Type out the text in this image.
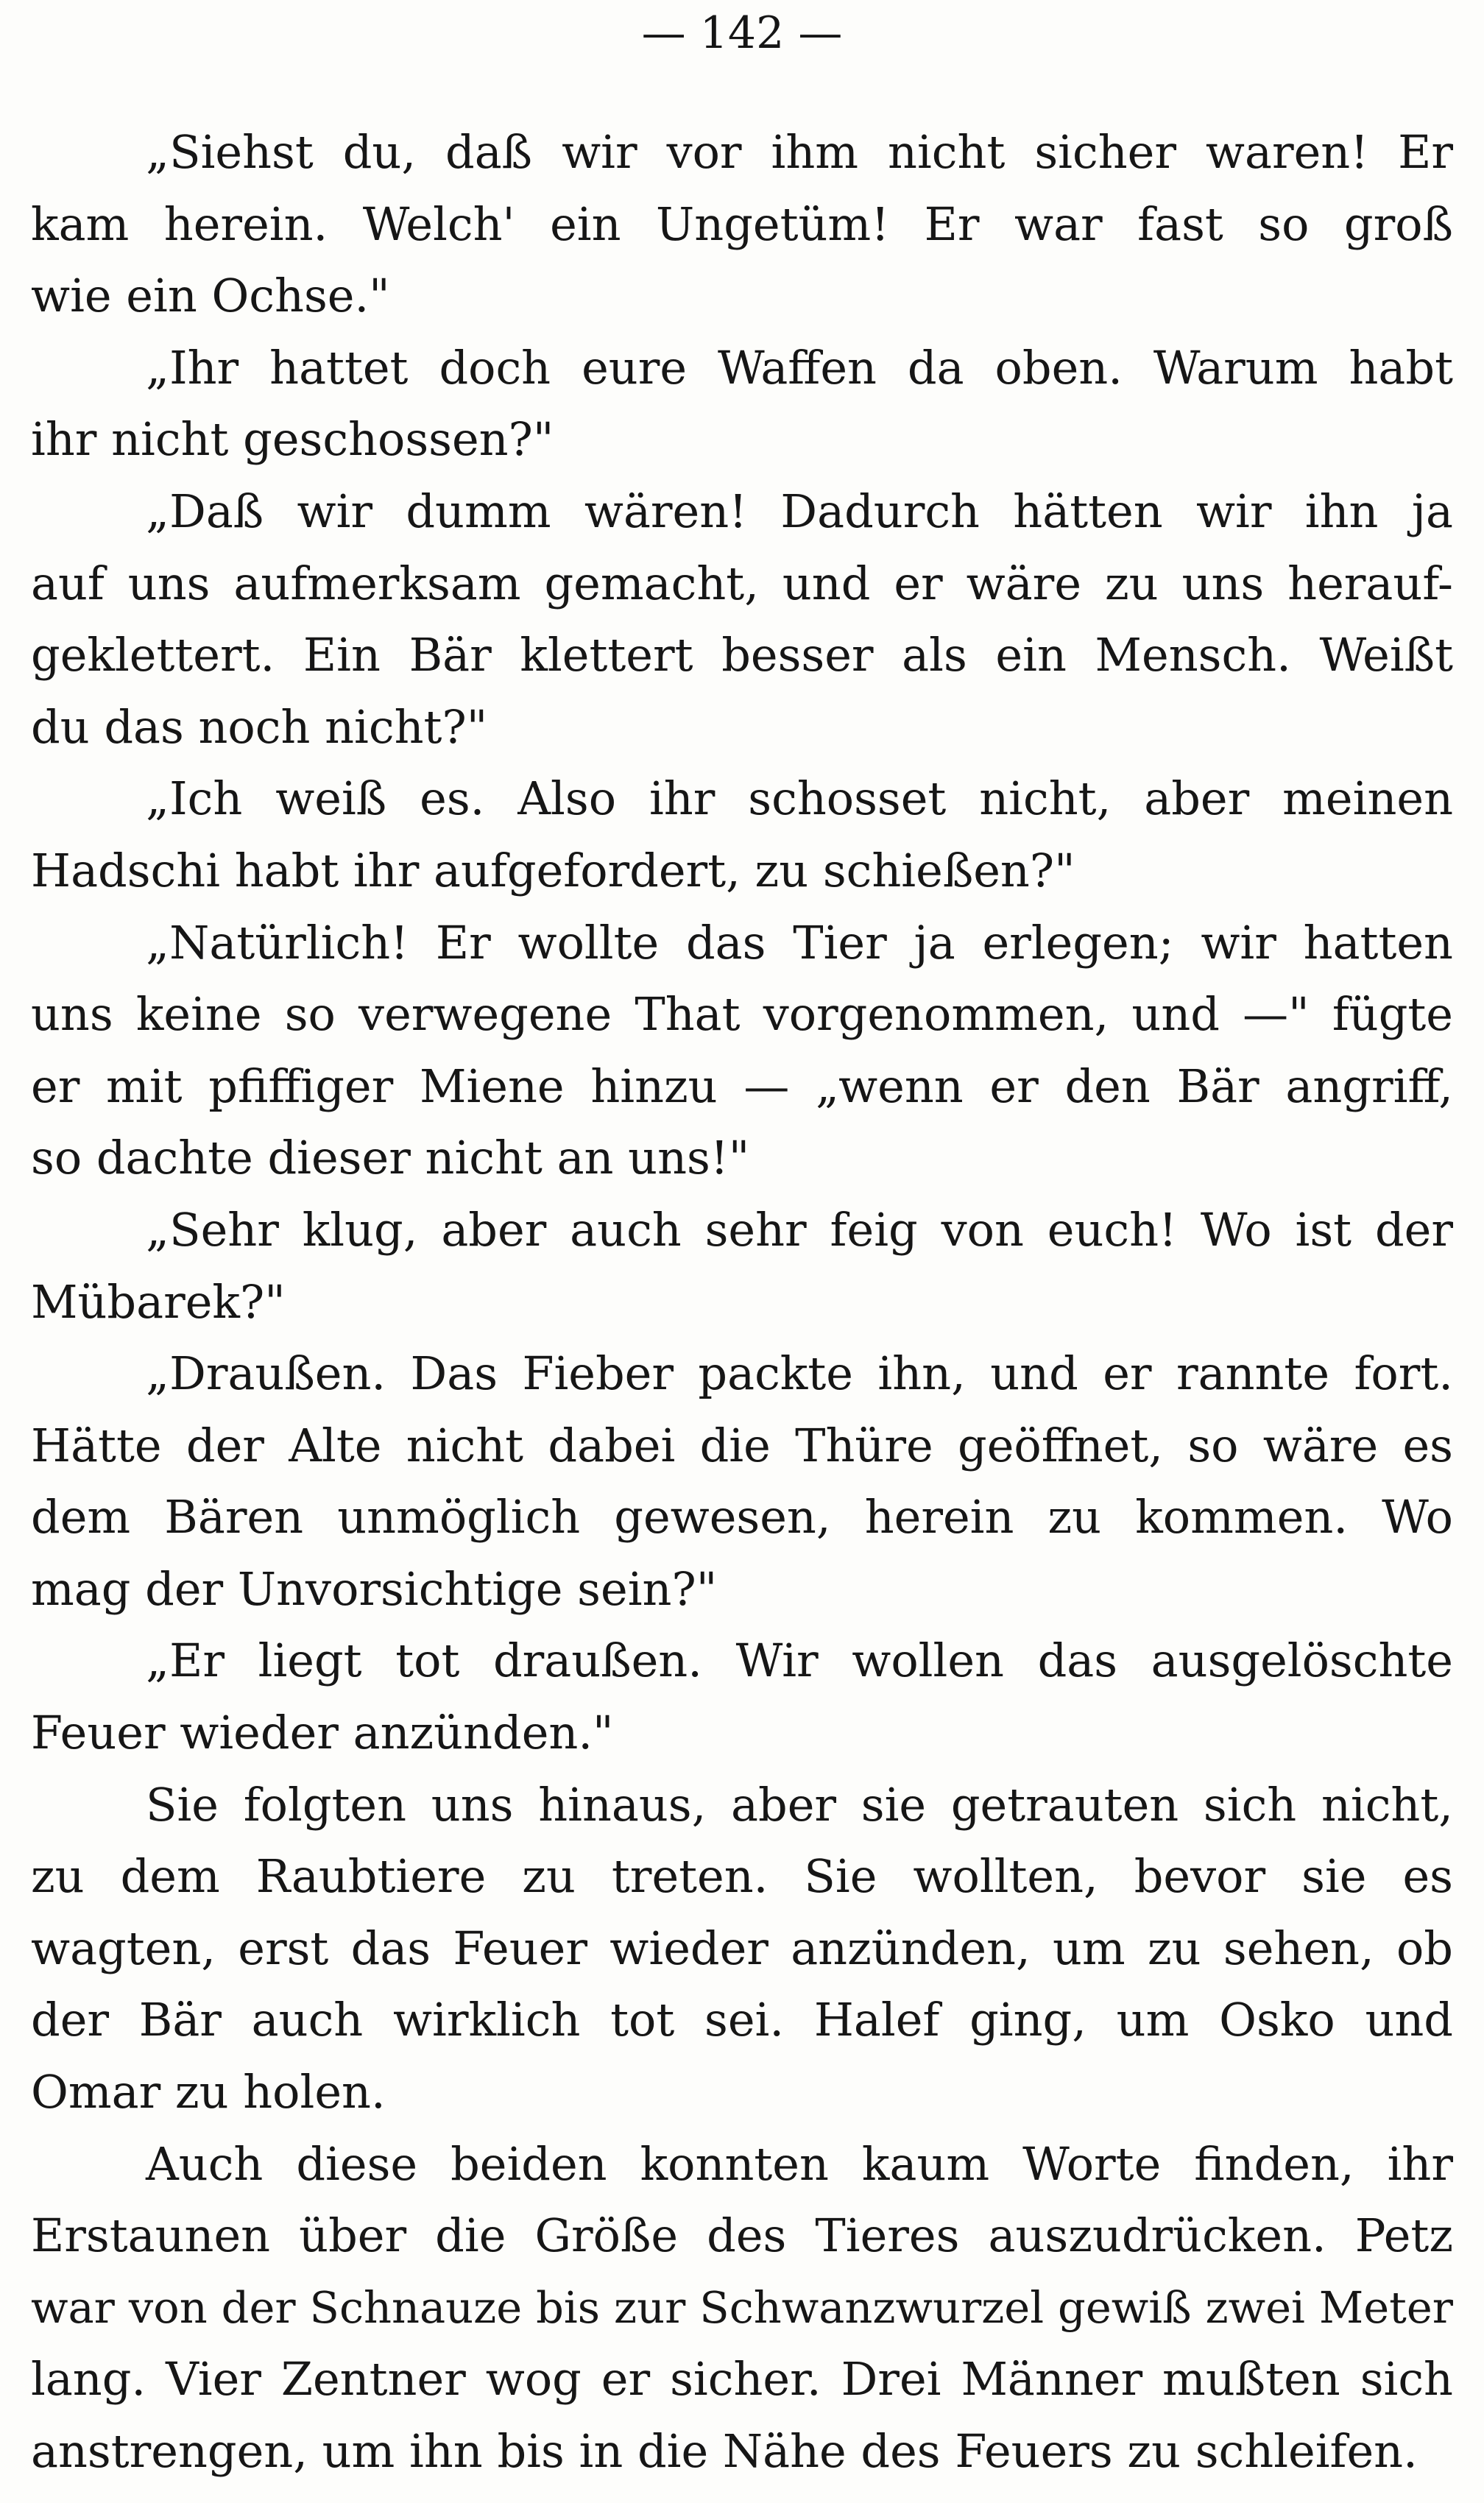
— 142 —
„Siehst du, daß wir vor ihm nicht sicher waren! Er
kam herein. Welch' ein Ungetüm! Er war fast so groß
wie ein Ochse."
„Ihr hattet doch eure Waffen da oben. Warum habt
ihr nicht geschossen?"
„Daß wir dumm wären! Dadurch hätten wir ihn ja
auf uns aufmerksam gemacht, und er wäre zu uns herauf-
geklettert. Ein Bär klettert besser als ein Mensch. Weißt
du das noch nicht?"
„Ich weiß es. Also ihr schosset nicht, aber meinen
Hadschi habt ihr aufgefordert, zu schießen?"
„Natürlich! Er wollte das Tier ja erlegen; wir hatten
uns keine so verwegene That vorgenommen, und —" fügte
er mit pfiffiger Miene hinzu — „wenn er den Bär angriff,
so dachte dieser nicht an uns!"
„Sehr klug, aber auch sehr feig von euch! Wo ist der
Mübarek?"
„Draußen. Das Fieber packte ihn, und er rannte fort.
Hätte der Alte nicht dabei die Thüre geöffnet, so wäre es
dem Bären unmöglich gewesen, herein zu kommen. Wo
mag der Unvorsichtige sein?"
„Er liegt tot draußen. Wir wollen das ausgelöschte
Feuer wieder anzünden."
Sie folgten uns hinaus, aber sie getrauten sich nicht,
zu dem Raubtiere zu treten. Sie wollten, bevor sie es
wagten, erst das Feuer wieder anzünden, um zu sehen, ob
der Bär auch wirklich tot sei. Halef ging, um Osko und
Omar zu holen.
Auch diese beiden konnten kaum Worte finden, ihr
Erstaunen über die Größe des Tieres auszudrücken. Petz
war von der Schnauze bis zur Schwanzwurzel gewiß zwei Meter
lang. Vier Zentner wog er sicher. Drei Männer mußten sich
anstrengen, um ihn bis in die Nähe des Feuers zu schleifen.
